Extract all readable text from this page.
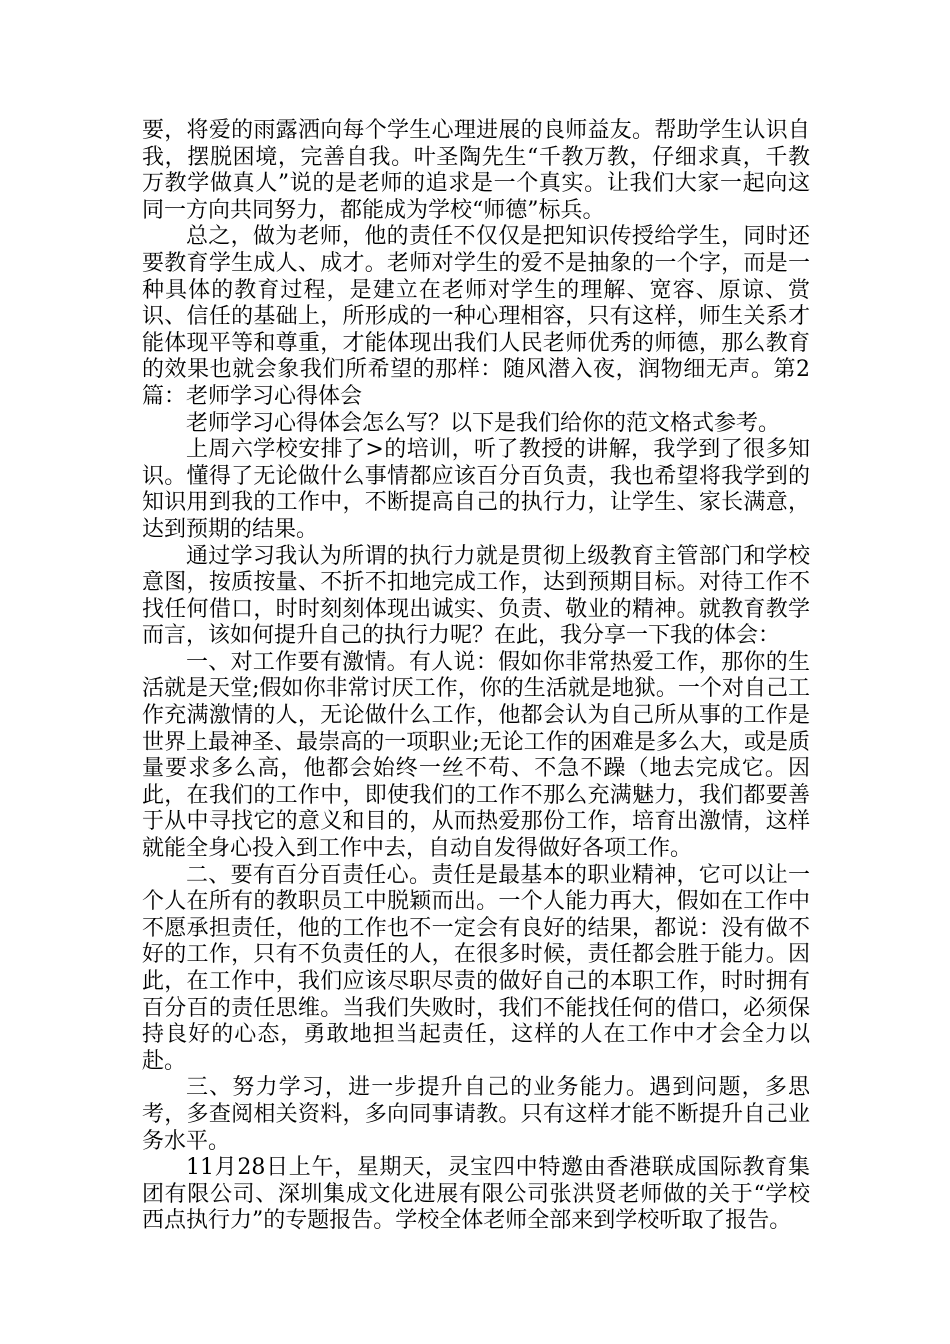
要，将爱的雨露洒向每个学生心理进展的良师益友。帮助学生认识自我，摆脱困境，完善自我。叶圣陶先生“千教万教，仔细求真，千教万教学做真人”说的是老师的追求是一个真实。让我们大家一起向这同一方向共同努力，都能成为学校“师德”标兵。

总之，做为老师，他的责任不仅仅是把知识传授给学生，同时还要教育学生成人、成才。老师对学生的爱不是抽象的一个字，而是一种具体的教育过程，是建立在老师对学生的理解、宽容、原谅、赏识、信任的基础上，所形成的一种心理相容，只有这样，师生关系才能体现平等和尊重，才能体现出我们人民老师优秀的师德，那么教育的效果也就会象我们所希望的那样：随风潜入夜，润物细无声。第2篇：老师学习心得体会

老师学习心得体会怎么写？以下是我们给你的范文格式参考。

上周六学校安排了>的培训，听了教授的讲解，我学到了很多知识。懂得了无论做什么事情都应该百分百负责，我也希望将我学到的知识用到我的工作中，不断提高自己的执行力，让学生、家长满意，达到预期的结果。

通过学习我认为所谓的执行力就是贯彻上级教育主管部门和学校意图，按质按量、不折不扣地完成工作，达到预期目标。对待工作不找任何借口，时时刻刻体现出诚实、负责、敬业的精神。就教育教学而言，该如何提升自己的执行力呢？在此，我分享一下我的体会：

一、对工作要有激情。有人说：假如你非常热爱工作，那你的生活就是天堂;假如你非常讨厌工作，你的生活就是地狱。一个对自己工作充满激情的人，无论做什么工作，他都会认为自己所从事的工作是世界上最神圣、最崇高的一项职业;无论工作的困难是多么大，或是质量要求多么高，他都会始终一丝不苟、不急不躁（地去完成它。因此，在我们的工作中，即使我们的工作不那么充满魅力，我们都要善于从中寻找它的意义和目的，从而热爱那份工作，培育出激情，这样就能全身心投入到工作中去，自动自发得做好各项工作。

二、要有百分百责任心。责任是最基本的职业精神，它可以让一个人在所有的教职员工中脱颖而出。一个人能力再大，假如在工作中不愿承担责任，他的工作也不一定会有良好的结果，都说：没有做不好的工作，只有不负责任的人，在很多时候，责任都会胜于能力。因此，在工作中，我们应该尽职尽责的做好自己的本职工作，时时拥有百分百的责任思维。当我们失败时，我们不能找任何的借口，必须保持良好的心态，勇敢地担当起责任，这样的人在工作中才会全力以赴。

三、努力学习，进一步提升自己的业务能力。遇到问题，多思考，多查阅相关资料，多向同事请教。只有这样才能不断提升自己业务水平。

11月28日上午，星期天，灵宝四中特邀由香港联成国际教育集团有限公司、深圳集成文化进展有限公司张洪贤老师做的关于“学校西点执行力”的专题报告。学校全体老师全部来到学校听取了报告。
